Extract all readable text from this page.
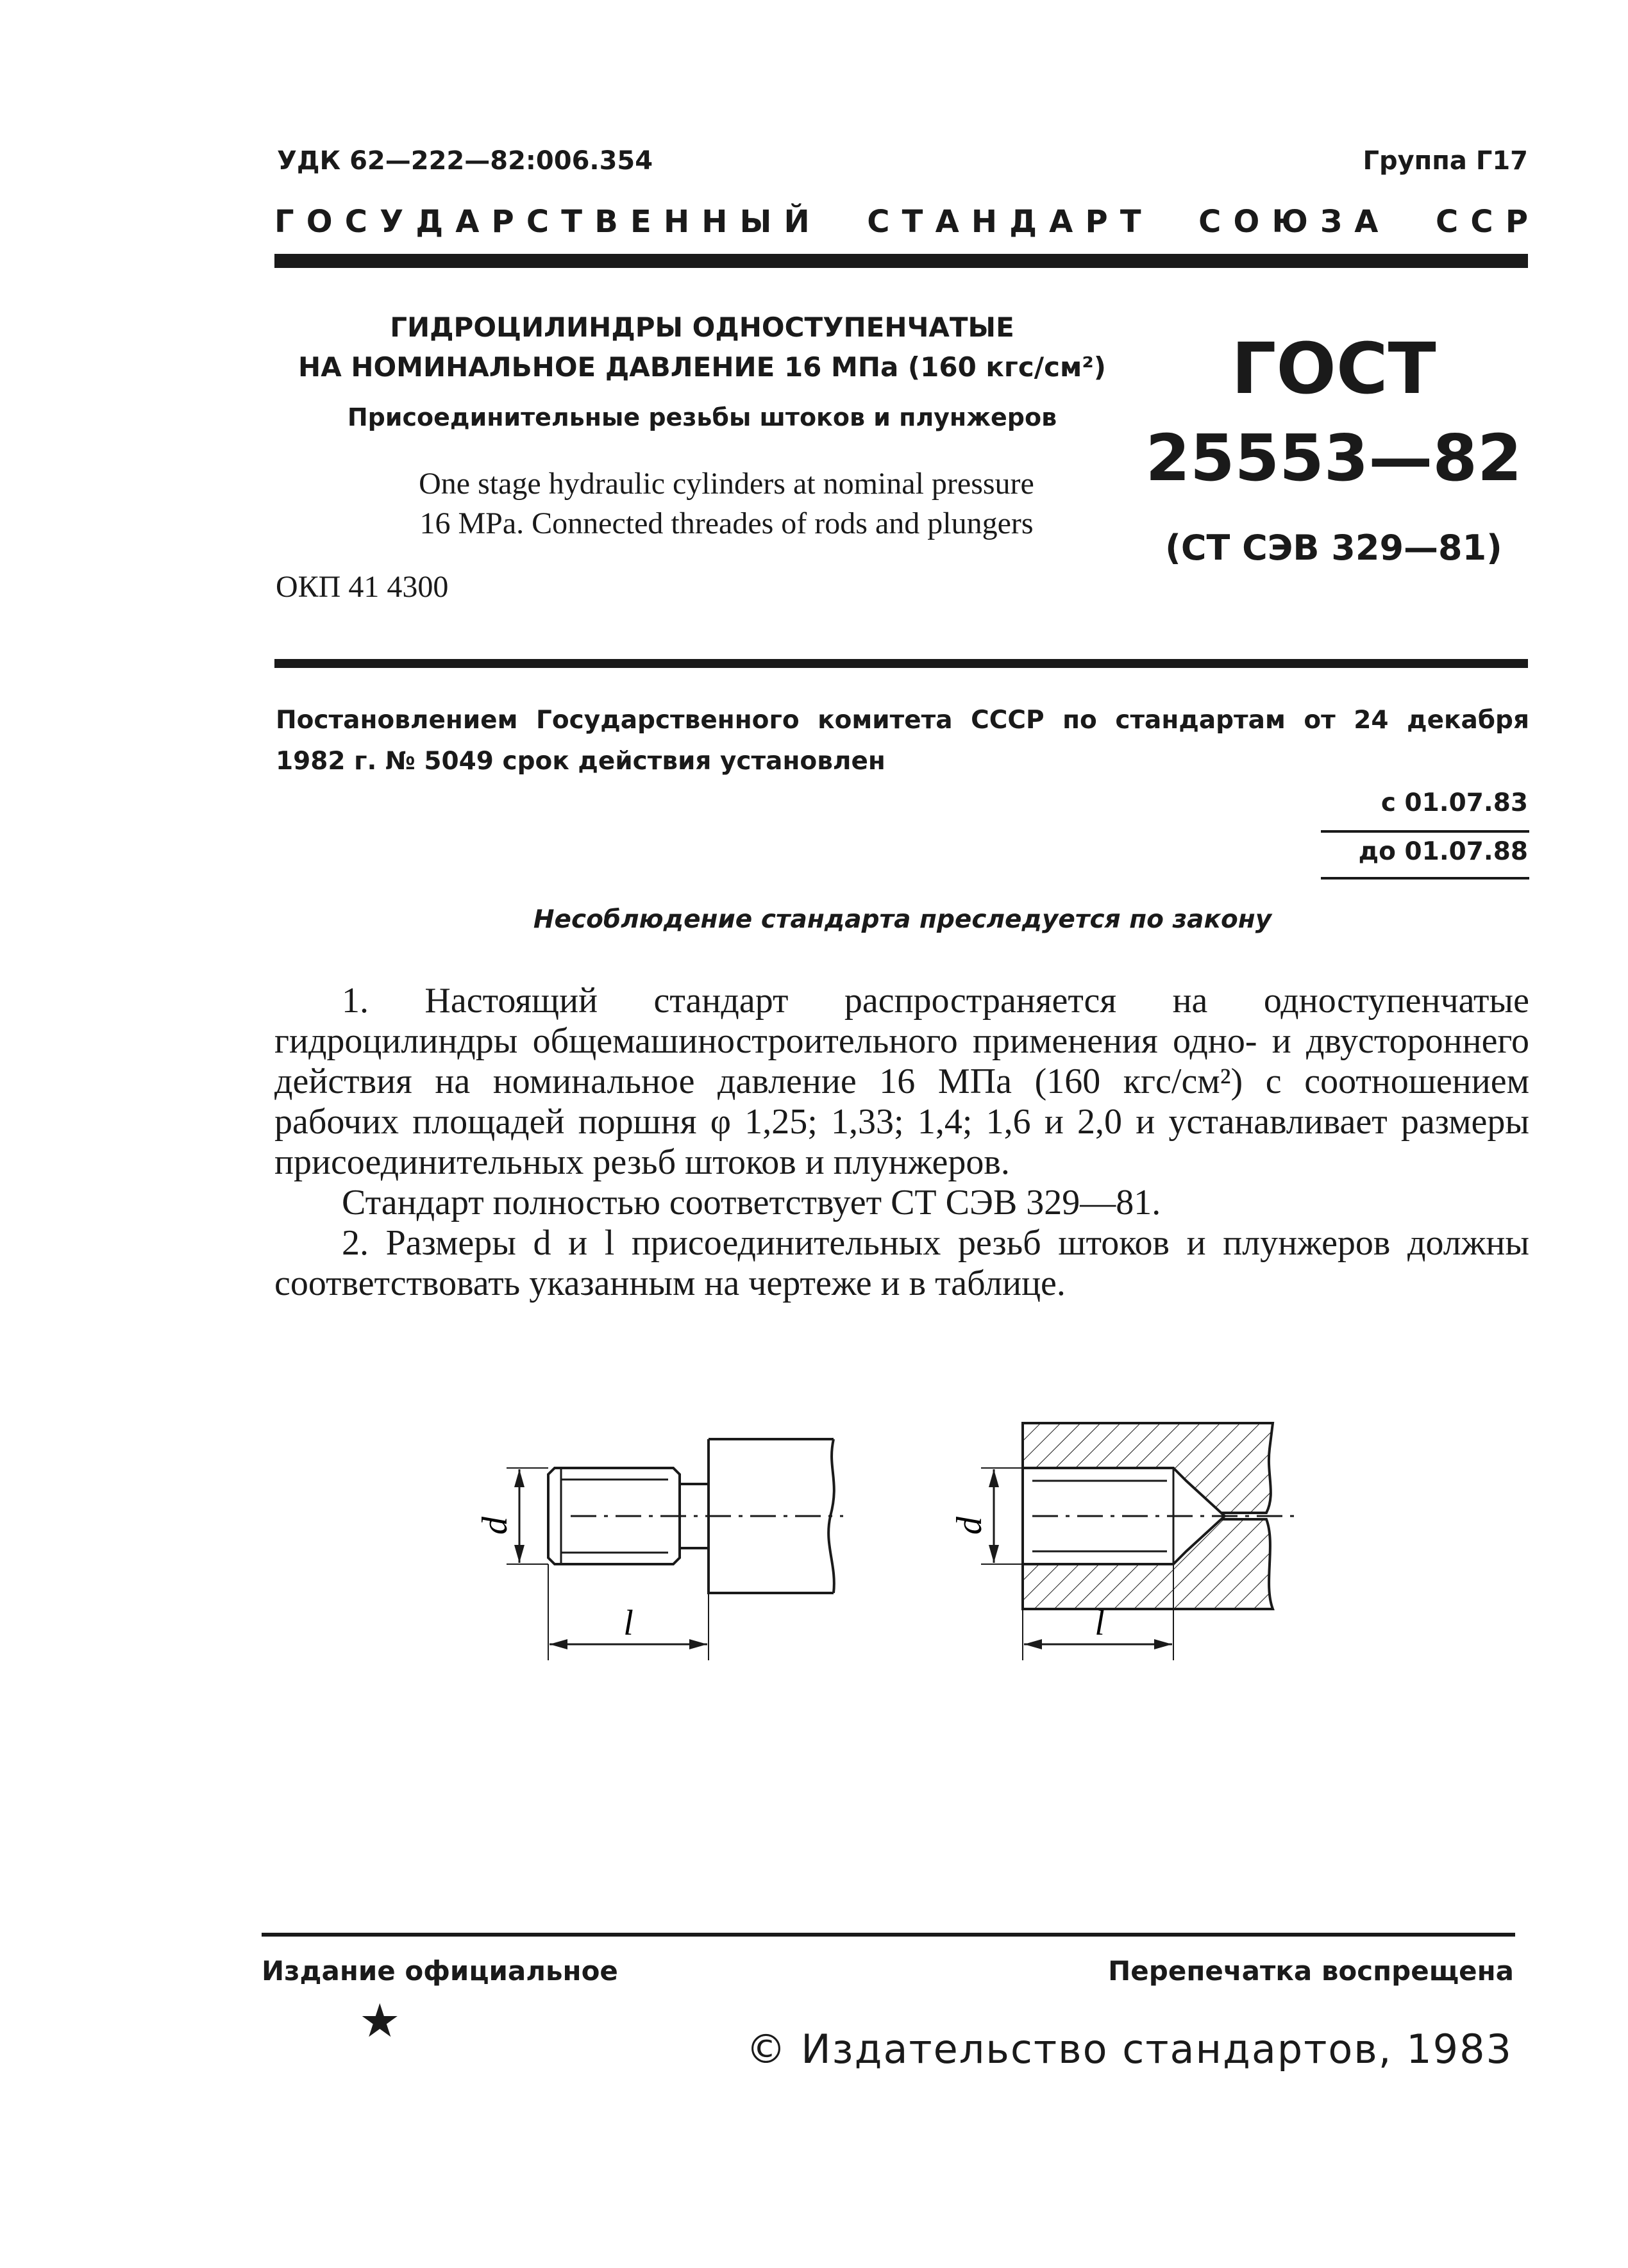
УДК 62—222—82:006.354	Группа Г17
Г  О  С  У  Д  А  Р  С  Т  В  Е  Н  Н  Ы  Й С  Т  А  Н  Д  А  Р  Т С  О  Ю  З  А С  С  Р
ГИДРОЦИЛИНДРЫ ОДНОСТУПЕНЧАТЫЕ
НА НОМИНАЛЬНОЕ ДАВЛЕНИЕ 16 МПа (160 кгс/см²)
Присоединительные резьбы штоков и плунжеров
One stage hydraulic cylinders at nominal pressure
16 MPa. Connected threades of rods and plungers
ГОСТ
25553—82
(СТ СЭВ 329—81)
ОКП 41 4300
Постановлением Государственного комитета СССР по стандартам от 24 декабря
1982 г. № 5049 срок действия установлен
с 01.07.83
до 01.07.88
Несоблюдение стандарта преследуется по закону
1. Настоящий стандарт распространяется на одноступенчатые гидроцилиндры общемашиностроительного применения одно- и двустороннего действия на номинальное давление 16 МПа (160 кгс/см²) с соотношением рабочих площадей поршня φ 1,25; 1,33; 1,4; 1,6 и 2,0 и устанавливает размеры присоединительных резьб штоков и плунжеров.
Стандарт полностью соответствует СТ СЭВ 329—81.
2. Размеры d и l присоединительных резьб штоков и плунжеров должны соответствовать указанным на чертеже и в таблице.
d
l
d
l
Издание официальное	Перепечатка воспрещена
★
© Издательство стандартов, 1983
